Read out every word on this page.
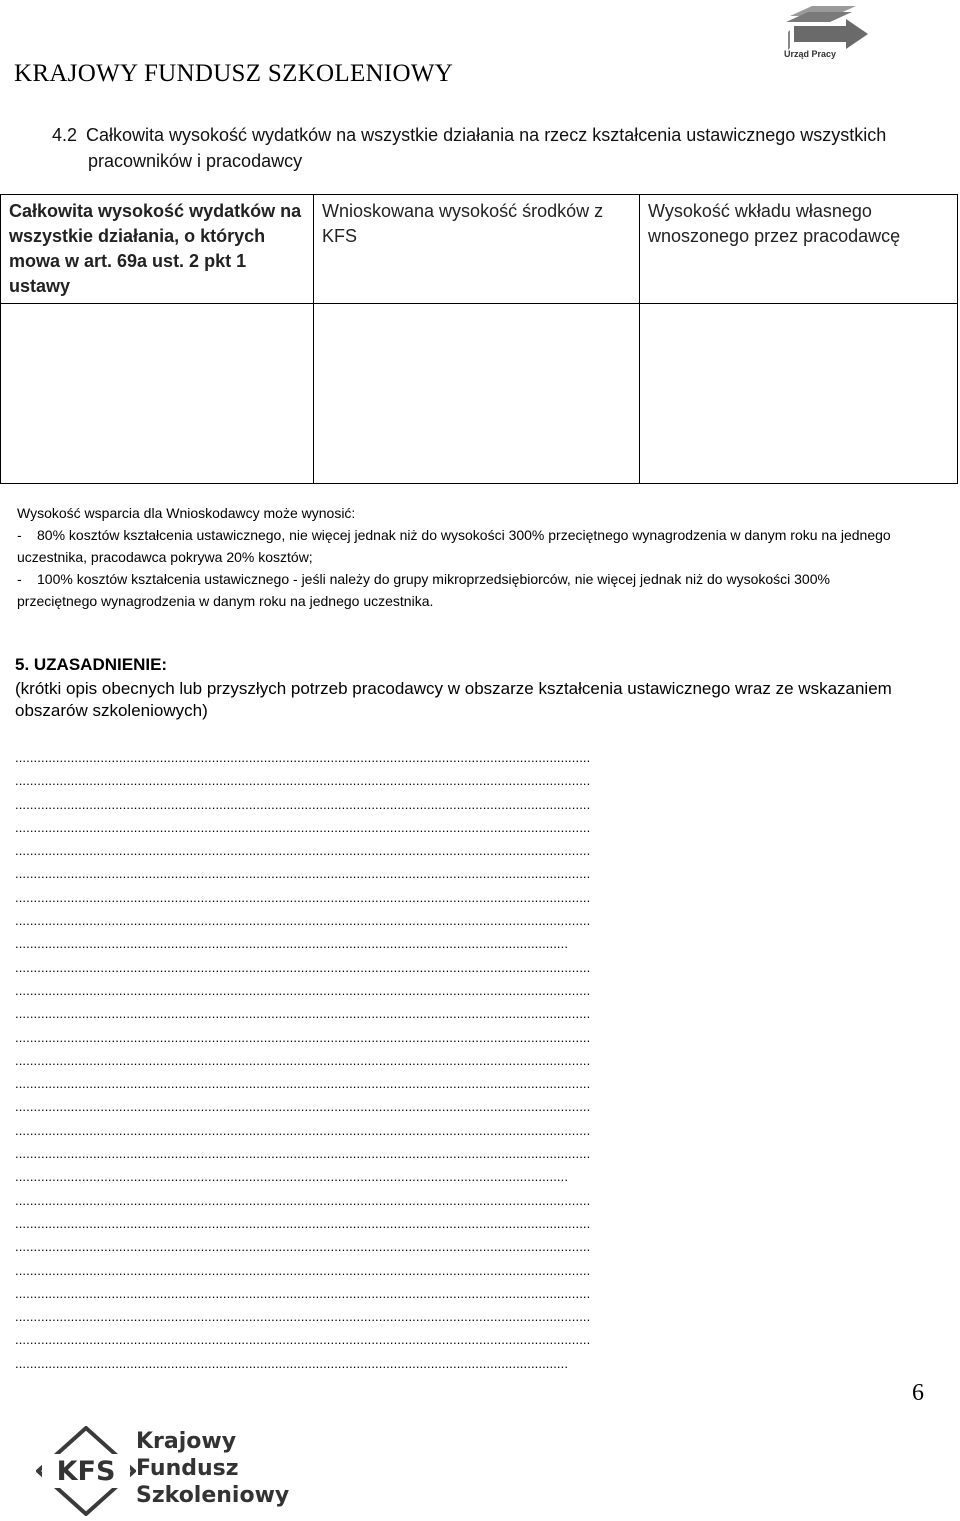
KRAJOWY FUNDUSZ SZKOLENIOWY
Urząd Pracy
4.2 Całkowita wysokość wydatków na wszystkie działania na rzecz kształcenia ustawicznego wszystkich
pracowników i pracodawcy
Całkowita wysokość wydatków na wszystkie działania, o których mowa w art. 69a ust. 2 pkt 1 ustawy	Wnioskowana wysokość środków z KFS	Wysokość wkładu własnego wnoszonego przez pracodawcę

Wysokość wsparcia dla Wnioskodawcy może wynosić:
- 80% kosztów kształcenia ustawicznego, nie więcej jednak niż do wysokości 300% przeciętnego wynagrodzenia w danym roku na jednego uczestnika, pracodawca pokrywa 20% kosztów;
- 100% kosztów kształcenia ustawicznego - jeśli należy do grupy mikroprzedsiębiorców, nie więcej jednak niż do wysokości 300% przeciętnego wynagrodzenia w danym roku na jednego uczestnika.
5. UZASADNIENIE:
(krótki opis obecnych lub przyszłych potrzeb pracodawcy w obszarze kształcenia ustawicznego wraz ze wskazaniem obszarów szkoleniowych)
...........................................................................................................................................................
...........................................................................................................................................................
...........................................................................................................................................................
...........................................................................................................................................................
...........................................................................................................................................................
...........................................................................................................................................................
...........................................................................................................................................................
...........................................................................................................................................................
.....................................................................................................................................................
...........................................................................................................................................................
...........................................................................................................................................................
...........................................................................................................................................................
...........................................................................................................................................................
...........................................................................................................................................................
...........................................................................................................................................................
...........................................................................................................................................................
...........................................................................................................................................................
...........................................................................................................................................................
.....................................................................................................................................................
...........................................................................................................................................................
...........................................................................................................................................................
...........................................................................................................................................................
...........................................................................................................................................................
...........................................................................................................................................................
...........................................................................................................................................................
...........................................................................................................................................................
.....................................................................................................................................................
6
KFS
Krajowy
Fundusz
Szkoleniowy
